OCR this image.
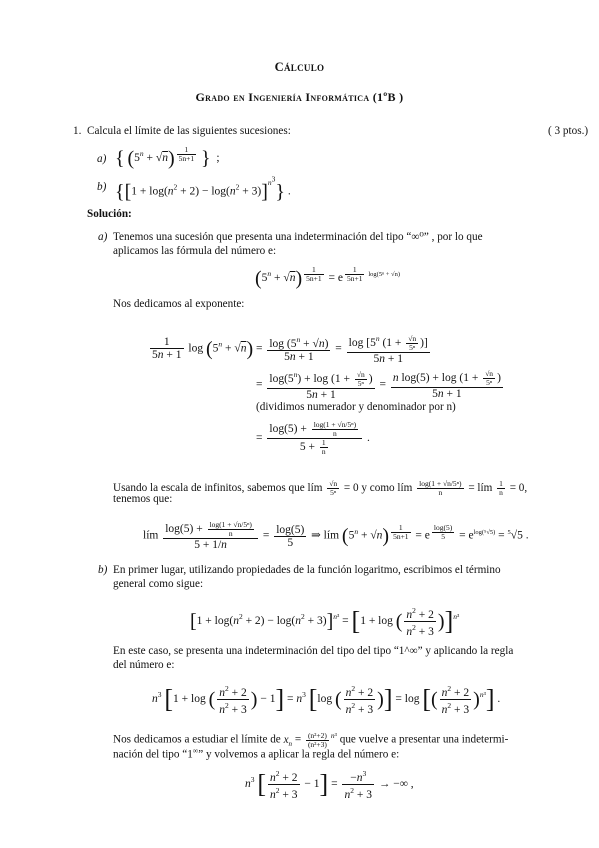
Cálculo
Grado en Ingeniería Informática (1ºB )
1. Calcula el límite de las siguientes sucesiones:	( 3 ptos.)
a) { $(5^n + √n)$ $^{\frac{1}{5n+1}}$ }  ;
b) $\{[1 + \log(n^2 + 2) - \log(n^2 + 3)]^{n^3}\}$ .
Solución:
a) Tenemos una sucesión que presenta una indeterminación del tipo “∞⁰” , por lo que
aplicamos las fórmula del número e:
$(5^n + √n) ^{\frac{1}{5n+1}} = e$ $^{\frac{1}{5n+1} log(5^n + √n)}$
Nos dedicamos al exponente:
$\frac{1}{5n + 1}$ $\log (5^n + √n) = \frac{\log (5^n + √n)}{5n + 1} = \frac{\log [5^n (1 + \frac{√n}{\text{5ⁿ}} )]}{5n + 1}$
= $\frac{\log(5^n) + \log (1 + \frac{√n}{\text{5ⁿ}} )}{5n + 1} = \frac{n \log(5) + \log (1 + \frac{√n}{\text{5ⁿ}} )}{5n + 1}$
(dividimos numerador y denominador por n)
= $\frac{\log(5) + \frac{\text{log(1 + √n/5ⁿ)}}{n}}{5 + \frac{1}{n}}$ .
Usando la escala de infinitos, sabemos que lím $\frac{√n}{\text{5ⁿ}} = 0$ y como lím $\frac{\text{log(1 + √n/5ⁿ)}}{n}$ = lím $\frac{1}{n} = 0$,
tenemos que:
lím $\frac{\log(5) + \frac{\text{log(1 + √n/5ⁿ)}}{n}}{5 + 1/n} = \frac{\log(5)}{5}$ ⇒ lím $(5^n + √n) ^{\frac{1}{5n+1}} = e$ $^{\frac{\log(5)}{5}} = e^{log(^5√5)} = ^5√5$ .
b) En primer lugar, utilizando propiedades de la función logaritmo, escribimos el término
general como sigue:
$[1 + \log(n^2 + 2) - \log(n^2 + 3)]^{n^3} = [1 + \log$ ( $\frac{n^2 + 2}{n^2 + 3} )]^{n^3}$
En este caso, se presenta una indeterminación del tipo del tipo “1^∞” y aplicando la regla
del número e:
$n^3$ [1 + log ( $\frac{n^2 + 2}{n^2 + 3}$ ) − $1] = n^3$ [log ( $\frac{n^2 + 2}{n^2 + 3}$ )] = log [( $\frac{n^2 + 2}{n^2 + 3} )^{n^3}$] .
Nos dedicamos a estudiar el límite de $x_n = \frac{\text{(n²+2)}}{\text{(n²+3)}} ^{n^3}$ que vuelve a presentar una indetermi-
nación del tipo “1∞” y volvemos a aplicar la regla del número e:
$n^3$ [ $\frac{n^2 + 2}{n^2 + 3} - 1] = \frac{-n^3}{n^2 + 3}$ → −∞ ,
